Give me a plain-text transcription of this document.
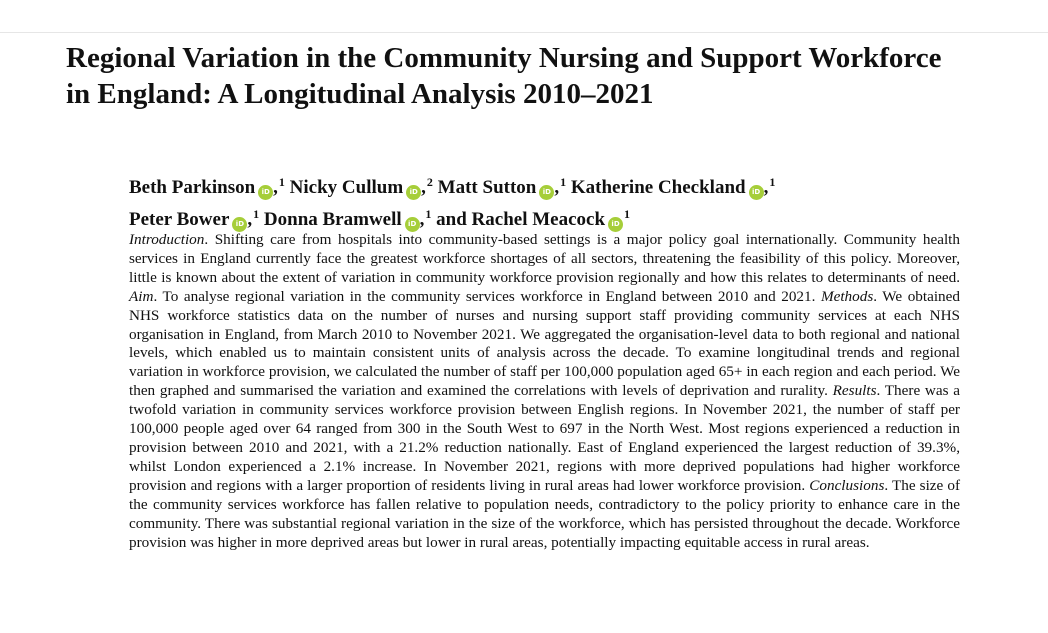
Regional Variation in the Community Nursing and Support Workforce in England: A Longitudinal Analysis 2010–2021
Beth Parkinson iD ,$^1$ Nicky Cullum iD ,$^2$ Matt Sutton iD ,$^1$ Katherine Checkland iD ,$^1$
Peter Bower iD ,$^1$ Donna Bramwell iD ,$^1$ and Rachel Meacock iD$^1$

Introduction. Shifting care from hospitals into community-based settings is a major policy goal internationally. Community health services in England currently face the greatest workforce shortages of all sectors, threatening the feasibility of this policy. Moreover, little is known about the extent of variation in community workforce provision regionally and how this relates to determinants of need. Aim. To analyse regional variation in the community services workforce in England between 2010 and 2021. Methods. We obtained NHS workforce statistics data on the number of nurses and nursing support staff providing community services at each NHS organisation in England, from March 2010 to November 2021. We aggregated the organisation-level data to both regional and national levels, which enabled us to maintain consistent units of analysis across the decade. To examine longitudinal trends and regional variation in workforce provision, we calculated the number of staff per 100,000 population aged 65+ in each region and each period. We then graphed and summarised the variation and examined the correlations with levels of deprivation and rurality. Results. There was a twofold variation in community services workforce provision between English regions. In November 2021, the number of staff per 100,000 people aged over 64 ranged from 300 in the South West to 697 in the North West. Most regions experienced a reduction in provision between 2010 and 2021, with a 21.2% reduction nationally. East of England experienced the largest reduction of 39.3%, whilst London experienced a 2.1% increase. In November 2021, regions with more deprived populations had higher workforce provision and regions with a larger proportion of residents living in rural areas had lower workforce provision. Conclusions. The size of the community services workforce has fallen relative to population needs, contradictory to the policy priority to enhance care in the community. There was substantial regional variation in the size of the workforce, which has persisted throughout the decade. Workforce provision was higher in more deprived areas but lower in rural areas, potentially impacting equitable access in rural areas.
